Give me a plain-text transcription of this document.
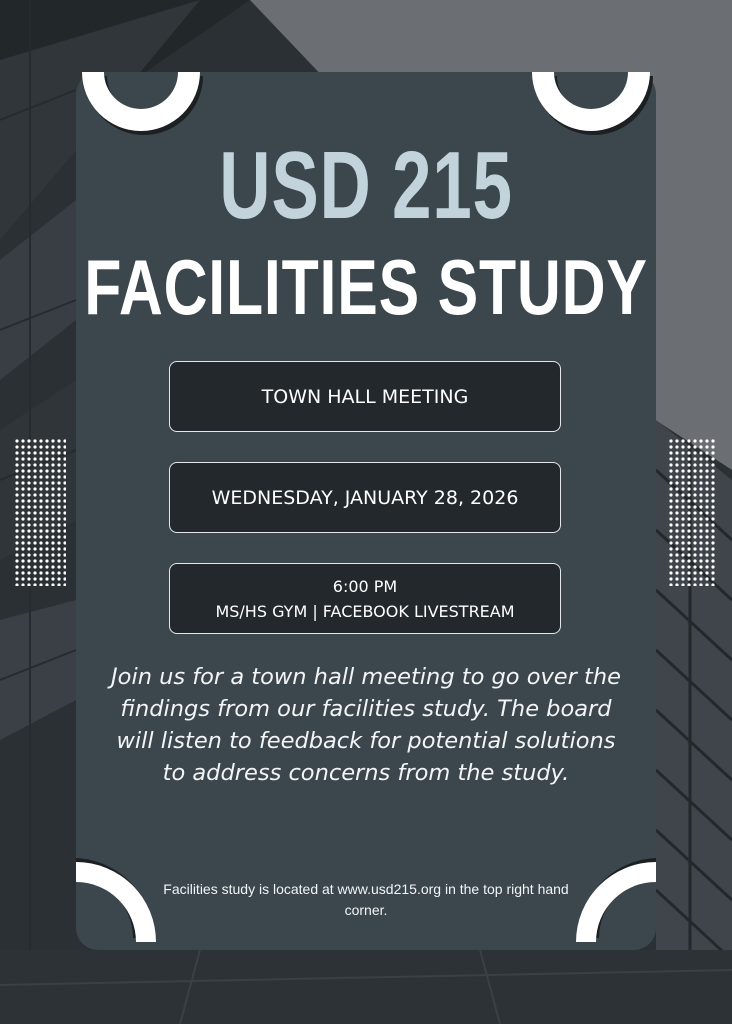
USD 215
FACILITIES STUDY
TOWN HALL MEETING
WEDNESDAY, JANUARY 28, 2026
6:00 PM
MS/HS GYM | FACEBOOK LIVESTREAM
Join us for a town hall meeting to go over the findings from our facilities study. The board will listen to feedback for potential solutions to address concerns from the study.
Facilities study is located at www.usd215.org in the top right hand corner.
